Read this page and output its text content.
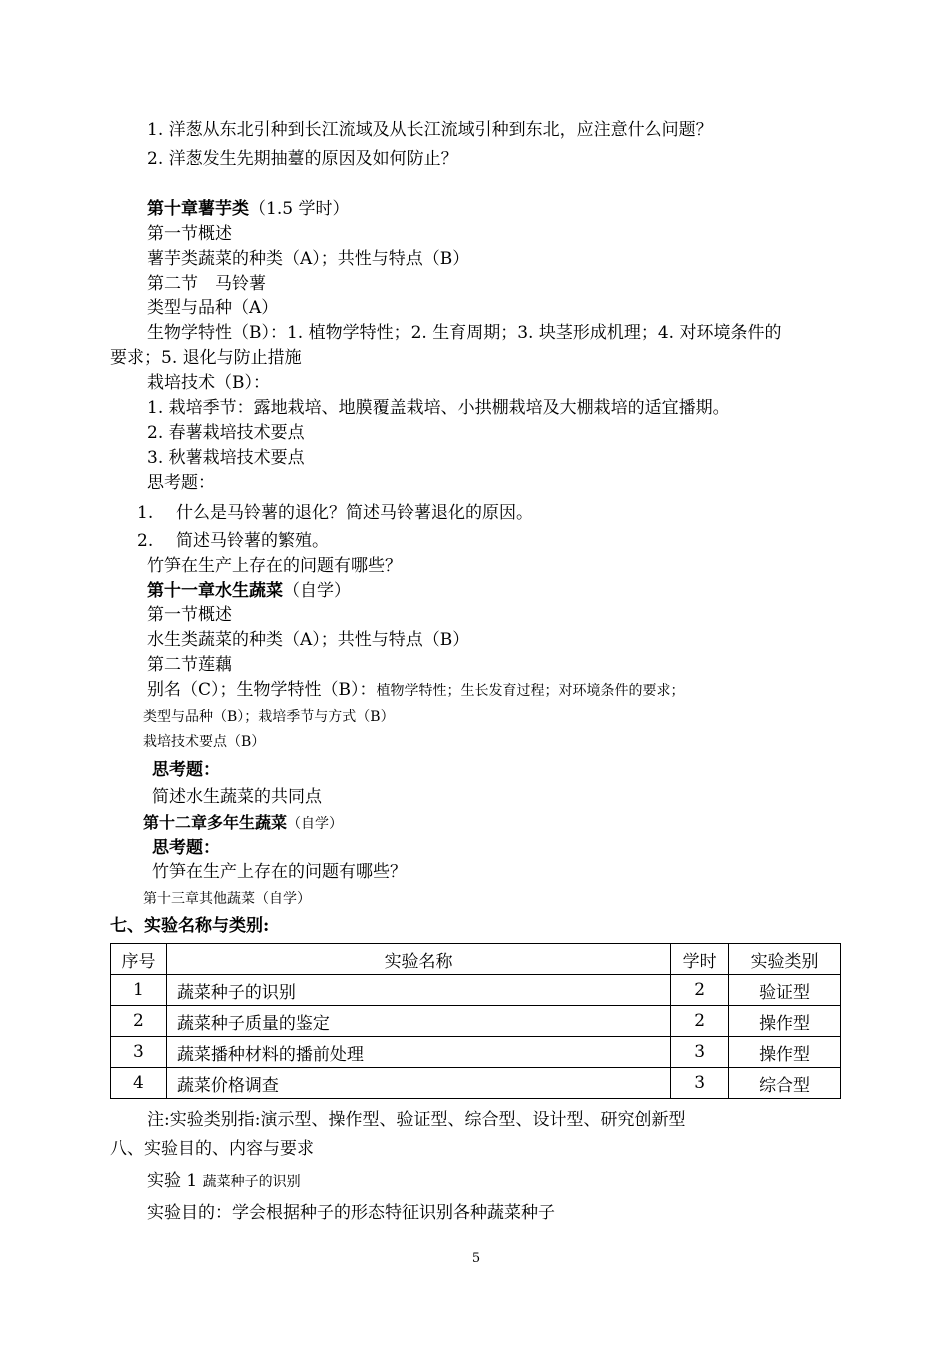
1. 洋葱从东北引种到长江流域及从长江流域引种到东北，应注意什么问题？
2. 洋葱发生先期抽薹的原因及如何防止？
第十章薯芋类（1.5 学时）
第一节概述
薯芋类蔬菜的种类（A）；共性与特点（B）
第二节　马铃薯
类型与品种（A）
生物学特性（B）：1. 植物学特性；2. 生育周期；3. 块茎形成机理；4. 对环境条件的
要求；5. 退化与防止措施
栽培技术（B）：
1. 栽培季节：露地栽培、地膜覆盖栽培、小拱棚栽培及大棚栽培的适宜播期。
2. 春薯栽培技术要点
3. 秋薯栽培技术要点
思考题：
1. 什么是马铃薯的退化？简述马铃薯退化的原因。
2. 简述马铃薯的繁殖。
竹笋在生产上存在的问题有哪些？
第十一章水生蔬菜（自学）
第一节概述
水生类蔬菜的种类（A）；共性与特点（B）
第二节莲藕
别名（C）；生物学特性（B）：植物学特性；生长发育过程；对环境条件的要求；
类型与品种（B）；栽培季节与方式（B）
栽培技术要点（B）
思考题：
简述水生蔬菜的共同点
第十二章多年生蔬菜（自学）
思考题：
竹笋在生产上存在的问题有哪些？
第十三章其他蔬菜（自学）
七、实验名称与类别:
序号	实验名称	学时	实验类别
1	蔬菜种子的识别	2	验证型
2	蔬菜种子质量的鉴定	2	操作型
3	蔬菜播种材料的播前处理	3	操作型
4	蔬菜价格调查	3	综合型
注:实验类别指:演示型、操作型、验证型、综合型、设计型、研究创新型
八、实验目的、内容与要求
实验 1 蔬菜种子的识别
实验目的：学会根据种子的形态特征识别各种蔬菜种子
5
